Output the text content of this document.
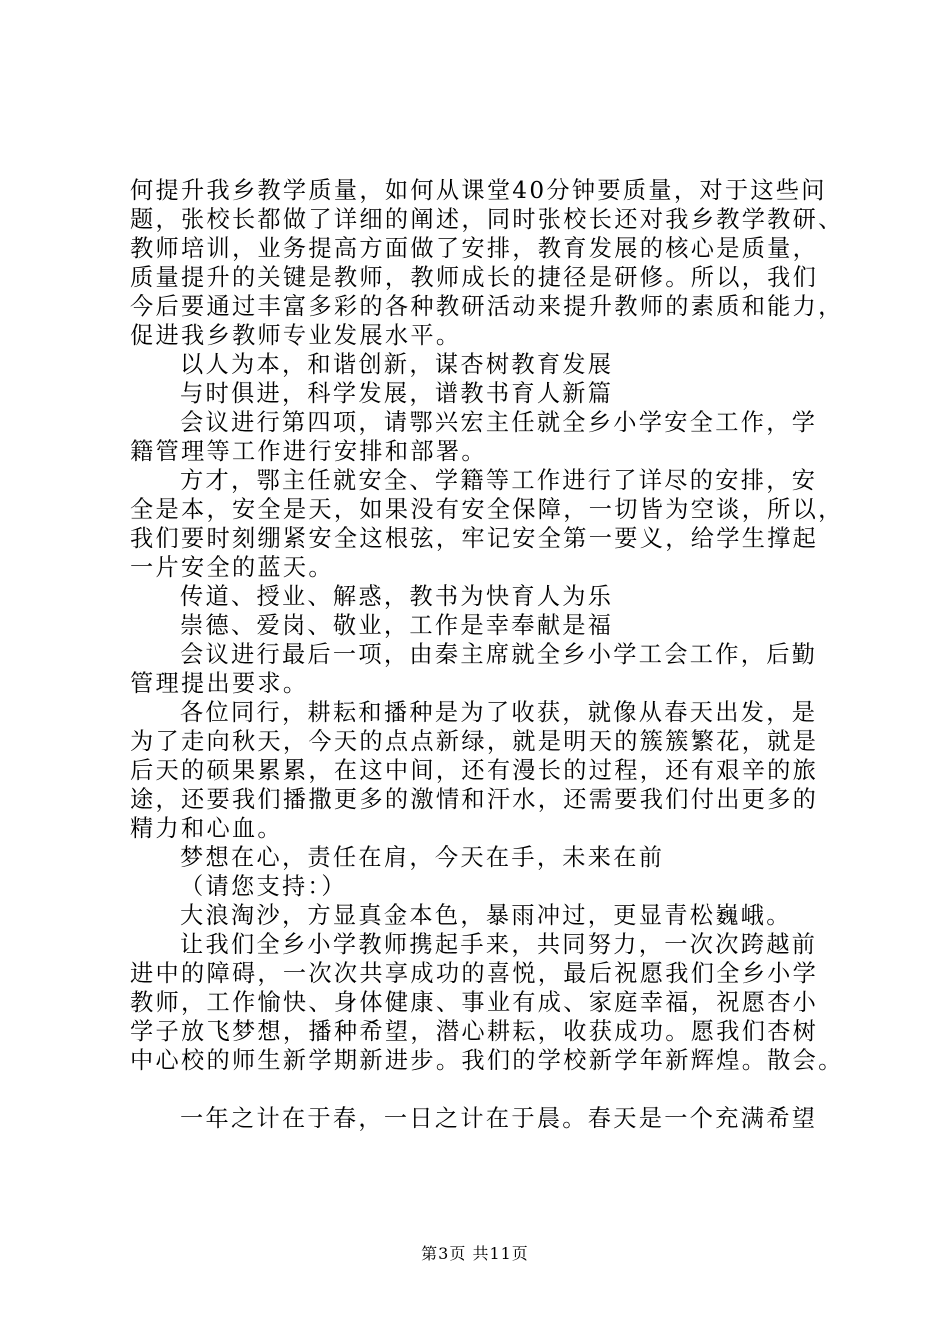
何提升我乡教学质量，如何从课堂40分钟要质量，对于这些问
题，张校长都做了详细的阐述，同时张校长还对我乡教学教研、
教师培训，业务提高方面做了安排，教育发展的核心是质量，
质量提升的关键是教师，教师成长的捷径是研修。所以，我们
今后要通过丰富多彩的各种教研活动来提升教师的素质和能力，
促进我乡教师专业发展水平。
以人为本，和谐创新，谋杏树教育发展
与时俱进，科学发展，谱教书育人新篇
会议进行第四项，请鄂兴宏主任就全乡小学安全工作，学
籍管理等工作进行安排和部署。
方才，鄂主任就安全、学籍等工作进行了详尽的安排，安
全是本，安全是天，如果没有安全保障，一切皆为空谈，所以，
我们要时刻绷紧安全这根弦，牢记安全第一要义，给学生撑起
一片安全的蓝天。
传道、授业、解惑，教书为快育人为乐
崇德、爱岗、敬业，工作是幸奉献是福
会议进行最后一项，由秦主席就全乡小学工会工作，后勤
管理提出要求。
各位同行，耕耘和播种是为了收获，就像从春天出发，是
为了走向秋天，今天的点点新绿，就是明天的簇簇繁花，就是
后天的硕果累累，在这中间，还有漫长的过程，还有艰辛的旅
途，还要我们播撒更多的激情和汗水，还需要我们付出更多的
精力和心血。
梦想在心，责任在肩，今天在手，未来在前
（请您支持：）
大浪淘沙，方显真金本色，暴雨冲过，更显青松巍峨。
让我们全乡小学教师携起手来，共同努力，一次次跨越前
进中的障碍，一次次共享成功的喜悦，最后祝愿我们全乡小学
教师，工作愉快、身体健康、事业有成、家庭幸福，祝愿杏小
学子放飞梦想，播种希望，潜心耕耘，收获成功。愿我们杏树
中心校的师生新学期新进步。我们的学校新学年新辉煌。散会。
一年之计在于春，一日之计在于晨。春天是一个充满希望
第3页 共11页
